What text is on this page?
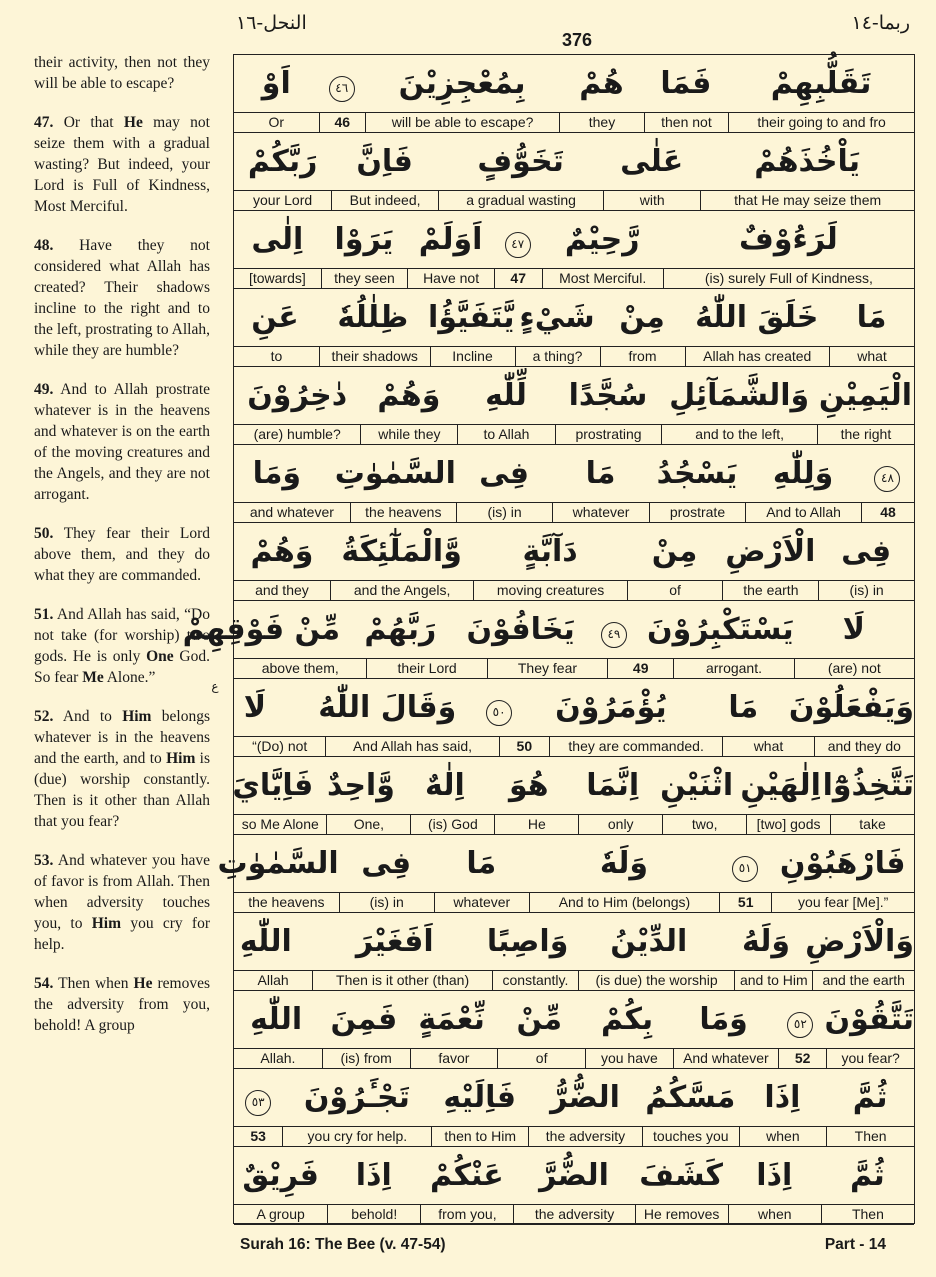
النحل-١٦
376
ربما-١٤

their activity, then not they will be able to escape?

47. Or that He may not seize them with a gradual wasting? But indeed, your Lord is Full of Kindness, Most Merciful.

48. Have they not considered what Allah has created? Their shadows incline to the right and to the left, prostrating to Allah, while they are humble?

49. And to Allah prostrate whatever is in the heavens and whatever is on the earth of the moving creatures and the Angels, and they are not arrogant.

50. They fear their Lord above them, and they do what they are commanded.

51. And Allah has said, “Do not take (for worship) two gods. He is only One God. So fear Me Alone.”

52. And to Him belongs whatever is in the heavens and the earth, and to Him is (due) worship constantly. Then is it other than Allah that you fear?

53. And whatever you have of favor is from Allah. Then when adversity touches you, to Him you cry for help.

54. Then when He removes the adversity from you, behold! A group

ع
تَقَلُّبِهِمْ
فَمَا
هُمْ
بِمُعْجِزِيْنَ
٤٦
اَوْ
their going to and fro
then not
they
will be able to escape?
46
Or
يَاْخُذَهُمْ
عَلٰى
تَخَوُّفٍ
فَاِنَّ
رَبَّكُمْ
that He may seize them
with
a gradual wasting
But indeed,
your Lord
لَرَءُوْفٌ
رَّحِيْمٌ
٤٧
اَوَلَمْ
يَرَوْا
اِلٰى
(is) surely Full of Kindness,
Most Merciful.
47
Have not
they seen
[towards]
مَا
خَلَقَ اللّٰهُ
مِنْ
شَيْءٍ
يَّتَفَيَّؤُا
ظِلٰلُهٗ
عَنِ
what
Allah has created
from
a thing?
Incline
their shadows
to
الْيَمِيْنِ
وَالشَّمَآئِلِ
سُجَّدًا
لِّلّٰهِ
وَهُمْ
دٰخِرُوْنَ
the right
and to the left,
prostrating
to Allah
while they
(are) humble?
٤٨
وَلِلّٰهِ
يَسْجُدُ
مَا
فِى
السَّمٰوٰتِ
وَمَا
48
And to Allah
prostrate
whatever
(is) in
the heavens
and whatever
فِى
الْاَرْضِ
مِنْ
دَآبَّةٍ
وَّالْمَلٰٓئِكَةُ
وَهُمْ
(is) in
the earth
of
moving creatures
and the Angels,
and they
لَا
يَسْتَكْبِرُوْنَ
٤٩
يَخَافُوْنَ
رَبَّهُمْ
مِّنْ فَوْقِهِمْ
(are) not
arrogant.
49
They fear
their Lord
above them,
وَيَفْعَلُوْنَ
مَا
يُؤْمَرُوْنَ
٥٠
وَقَالَ اللّٰهُ
لَا
and they do
what
they are commanded.
50
And Allah has said,
“(Do) not
تَتَّخِذُوْٓا
اِلٰهَيْنِ
اثْنَيْنِ
اِنَّمَا
هُوَ
اِلٰهٌ
وَّاحِدٌ
فَاِيَّايَ
take
[two] gods
two,
only
He
(is) God
One,
so Me Alone
فَارْهَبُوْنِ
٥١
وَلَهٗ
مَا
فِى
السَّمٰوٰتِ
you fear [Me].”
51
And to Him (belongs)
whatever
(is) in
the heavens
وَالْاَرْضِ
وَلَهُ
الدِّيْنُ
وَاصِبًا
اَفَغَيْرَ
اللّٰهِ
and the earth
and to Him
(is due) the worship
constantly.
Then is it other (than)
Allah
تَتَّقُوْنَ
٥٢
وَمَا
بِكُمْ
مِّنْ
نِّعْمَةٍ
فَمِنَ
اللّٰهِ
you fear?
52
And whatever
you have
of
favor
(is) from
Allah.
ثُمَّ
اِذَا
مَسَّكُمُ
الضُّرُّ
فَاِلَيْهِ
تَجْـَٔرُوْنَ
٥٣
Then
when
touches you
the adversity
then to Him
you cry for help.
53
ثُمَّ
اِذَا
كَشَفَ
الضُّرَّ
عَنْكُمْ
اِذَا
فَرِيْقٌ
Then
when
He removes
the adversity
from you,
behold!
A group
Surah 16: The Bee (v. 47-54)	Part - 14
